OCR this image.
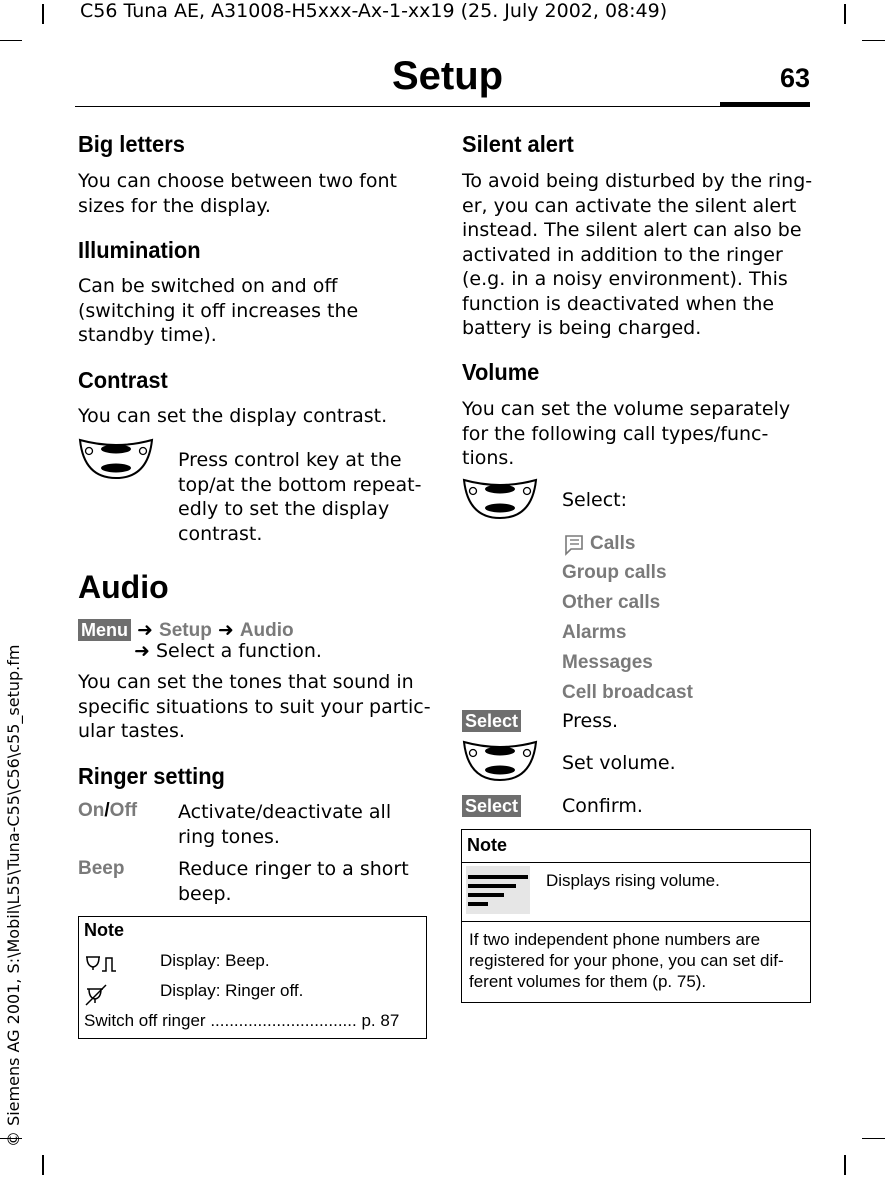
C56 Tuna AE, A31008-H5xxx-Ax-1-xx19 (25. July 2002, 08:49)
Setup	63
© Siemens AG 2001, S:\Mobil\L55\Tuna-C55\C56\c55_setup.fm
Big letters
You can choose between two font
sizes for the display.
Illumination
Can be switched on and off
(switching it off increases the
standby time).
Contrast
You can set the display contrast.
Press control key at the
top/at the bottom repeat-
edly to set the display
contrast.
Audio
Menu ➜ Setup ➜ Audio
➜ Select a function.
You can set the tones that sound in
specific situations to suit your partic-
ular tastes.
Ringer setting
On/Off Activate/deactivate all
ring tones.
Beep	Reduce ringer to a short
beep.
Note
Display: Beep.
Display: Ringer off.
Switch off ringer ............................... p. 87
Silent alert
To avoid being disturbed by the ring-
er, you can activate the silent alert
instead. The silent alert can also be
activated in addition to the ringer
(e.g. in a noisy environment). This
function is deactivated when the
battery is being charged.
Volume
You can set the volume separately
for the following call types/func-
tions.
Select:
Calls
Group calls
Other calls
Alarms
Messages
Cell broadcast
Select Press.
Set volume.
Select Confirm.
Note
Displays rising volume.
If two independent phone numbers are
registered for your phone, you can set dif-
ferent volumes for them (p. 75).
